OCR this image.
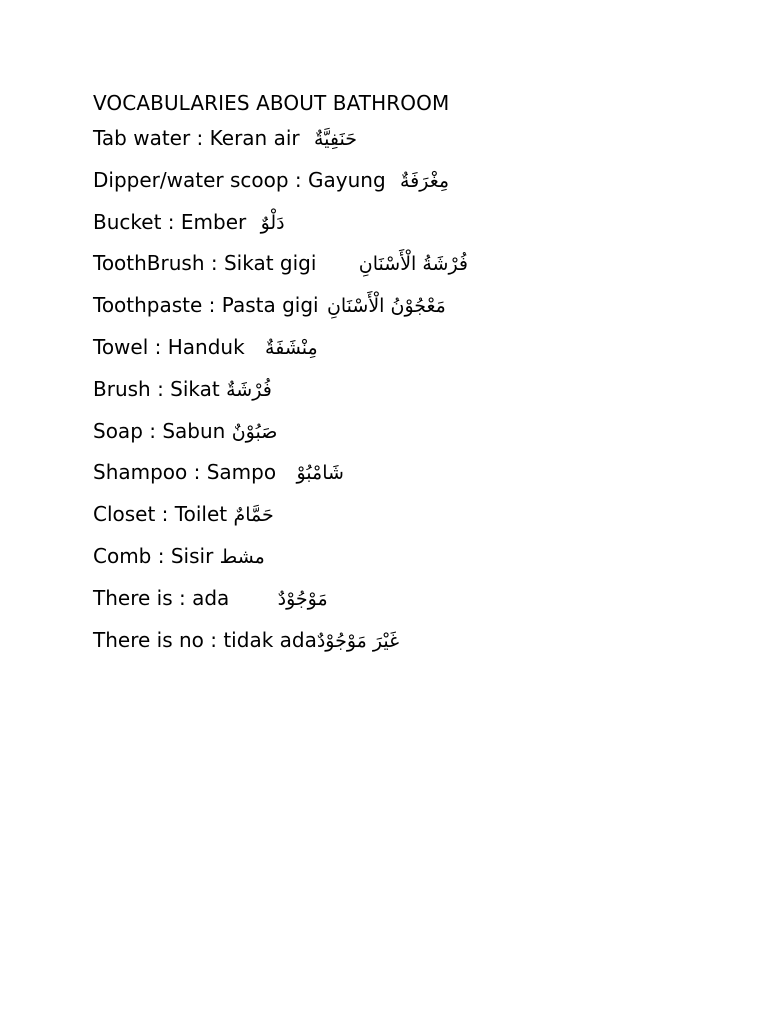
VOCABULARIES ABOUT BATHROOM
Tab water : Keran air حَنَفِيَّةٌ
Dipper/water scoop : Gayung مِغْرَفَةٌ
Bucket : Ember دَلْوٌ
ToothBrush : Sikat gigi فُرْشَةُ الْأَسْنَانِ
Toothpaste : Pasta gigi مَعْجُوْنُ الْأَسْنَانِ
Towel : Handuk مِنْشَفَةٌ
Brush : Sikat فُرْشَةٌ
Soap : Sabun صَبُوْنٌ
Shampoo : Sampo شَامْبُوْ
Closet : Toilet حَمَّامٌ
Comb : Sisir مشط
There is : ada	مَوْجُوْدٌ
There is no : tidak adaغَيْرَ مَوْجُوْدٌ
